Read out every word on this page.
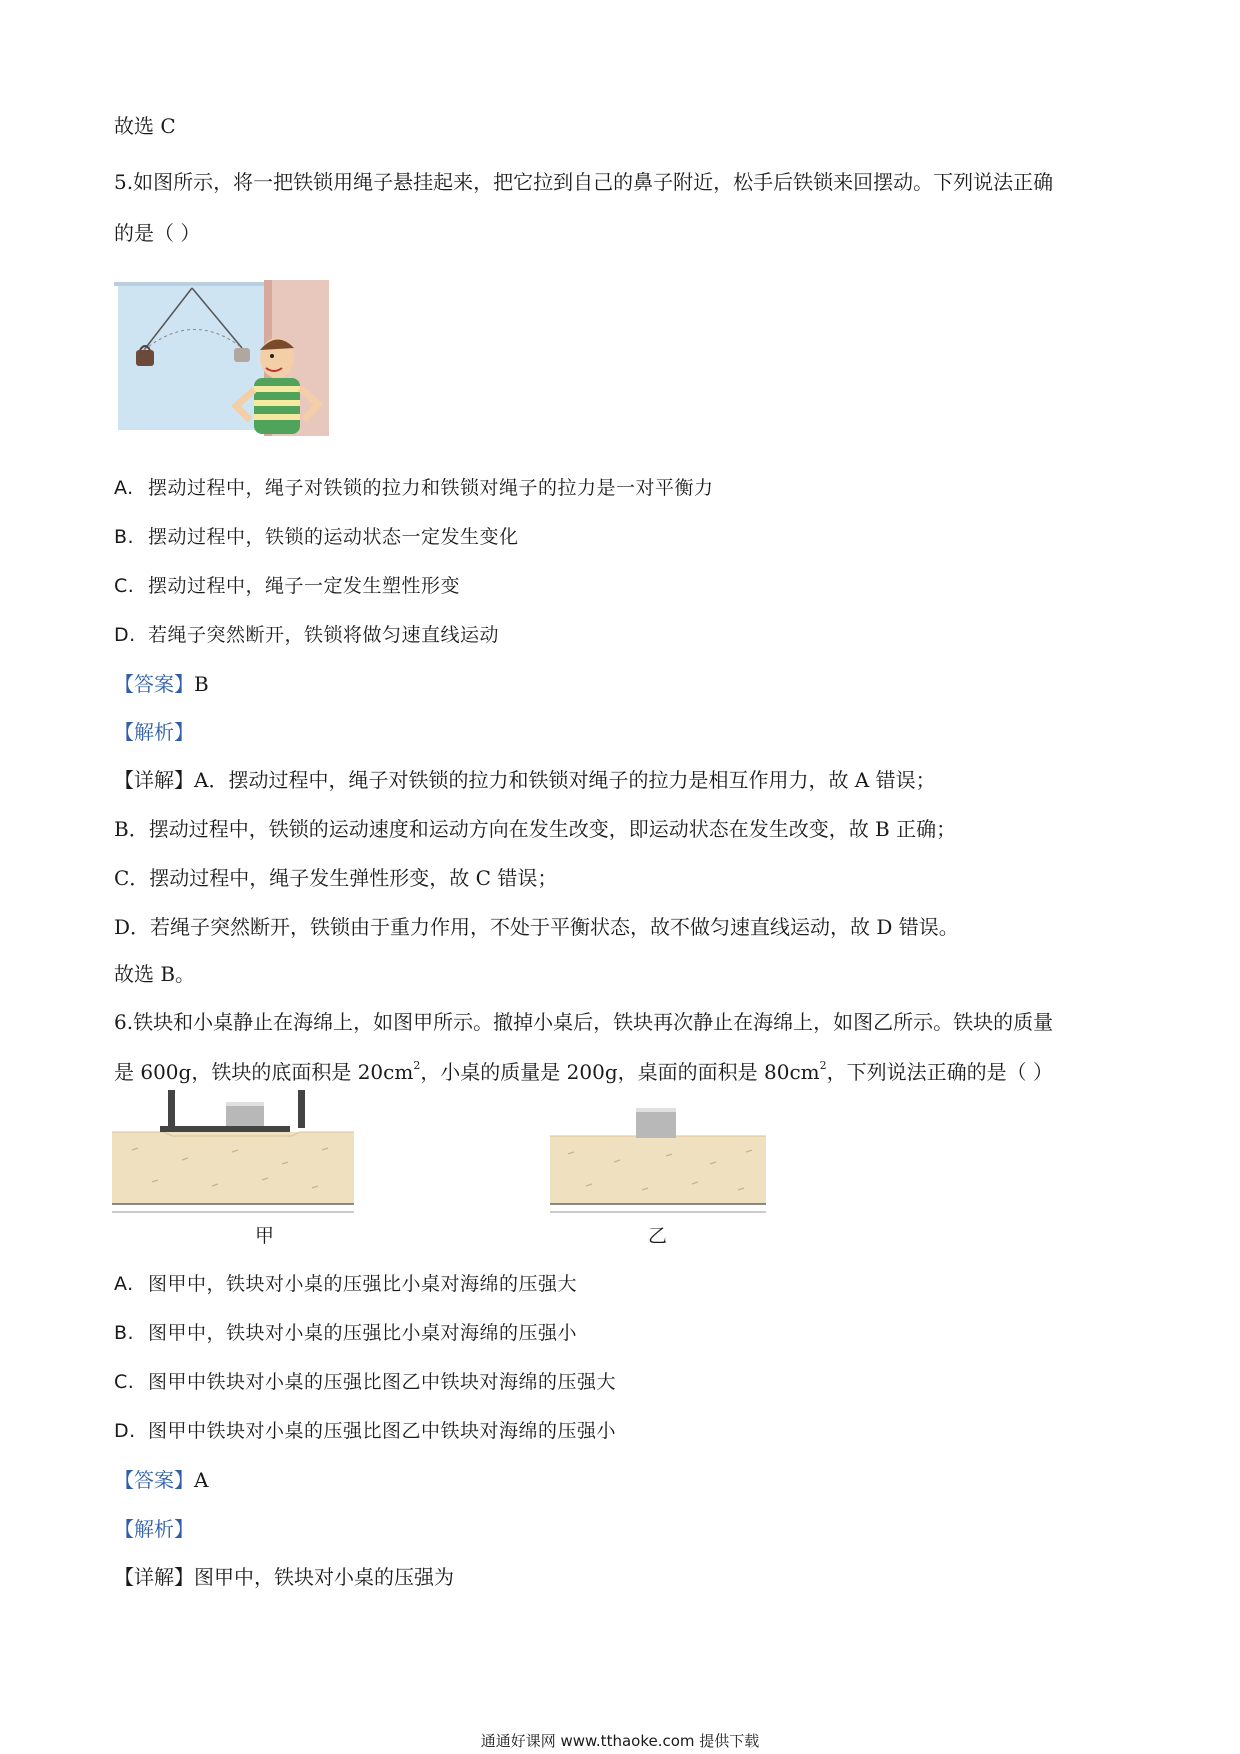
故选 C
5.如图所示，将一把铁锁用绳子悬挂起来，把它拉到自己的鼻子附近，松手后铁锁来回摆动。下列说法正确
的是（ ）
A. 摆动过程中，绳子对铁锁的拉力和铁锁对绳子的拉力是一对平衡力
B. 摆动过程中，铁锁的运动状态一定发生变化
C. 摆动过程中，绳子一定发生塑性形变
D. 若绳子突然断开，铁锁将做匀速直线运动
【答案】B
【解析】
【详解】A．摆动过程中，绳子对铁锁的拉力和铁锁对绳子的拉力是相互作用力，故 A 错误；
B．摆动过程中，铁锁的运动速度和运动方向在发生改变，即运动状态在发生改变，故 B 正确；
C．摆动过程中，绳子发生弹性形变，故 C 错误；
D．若绳子突然断开，铁锁由于重力作用，不处于平衡状态，故不做匀速直线运动，故 D 错误。
故选 B。
6.铁块和小桌静止在海绵上，如图甲所示。撤掉小桌后，铁块再次静止在海绵上，如图乙所示。铁块的质量
是 600g，铁块的底面积是 $20cm^2$，小桌的质量是 200g，桌面的面积是 $80cm^2$，下列说法正确的是（ ）
甲	乙
A. 图甲中，铁块对小桌的压强比小桌对海绵的压强大
B. 图甲中，铁块对小桌的压强比小桌对海绵的压强小
C. 图甲中铁块对小桌的压强比图乙中铁块对海绵的压强大
D. 图甲中铁块对小桌的压强比图乙中铁块对海绵的压强小
【答案】A
【解析】
【详解】图甲中，铁块对小桌的压强为
通通好课网 www.tthaoke.com 提供下载
